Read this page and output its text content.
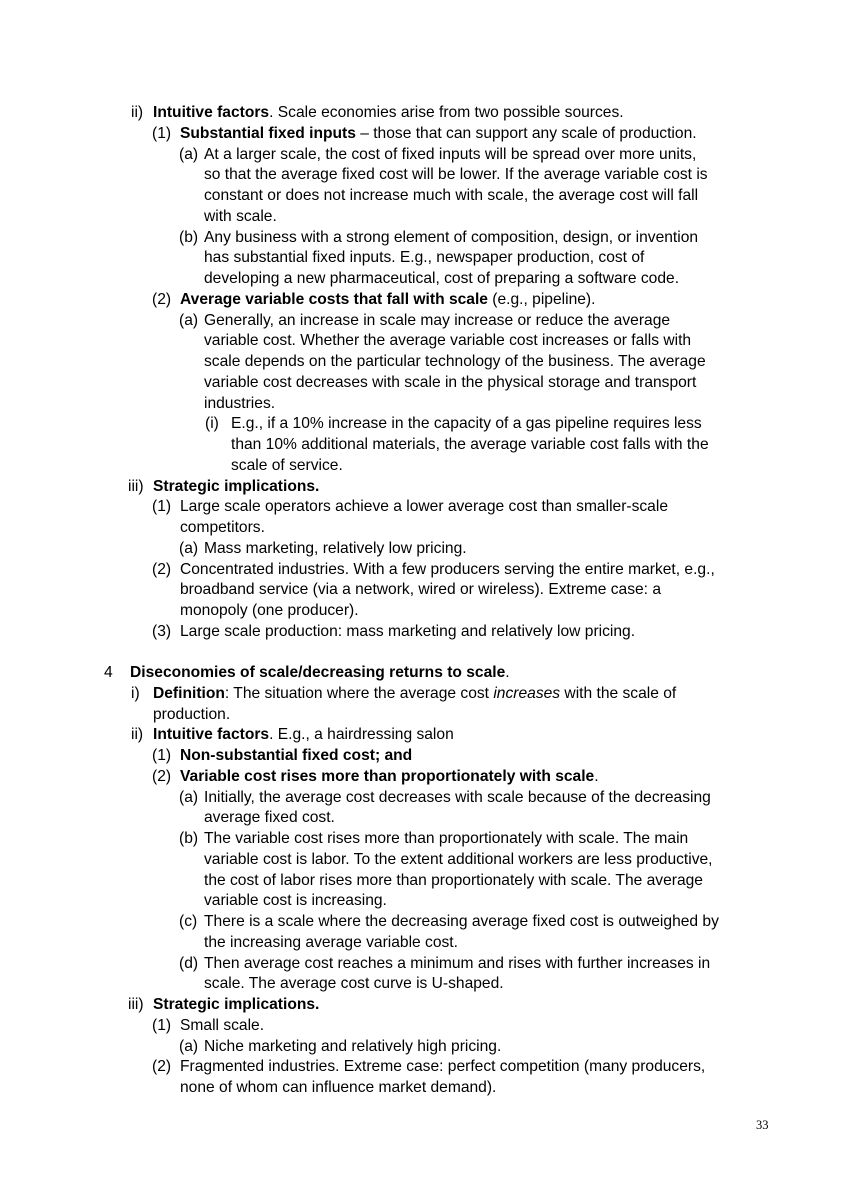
ii) Intuitive factors. Scale economies arise from two possible sources.
(1) Substantial fixed inputs – those that can support any scale of production.
(a) At a larger scale, the cost of fixed inputs will be spread over more units,
so that the average fixed cost will be lower. If the average variable cost is
constant or does not increase much with scale, the average cost will fall
with scale.
(b) Any business with a strong element of composition, design, or invention
has substantial fixed inputs. E.g., newspaper production, cost of
developing a new pharmaceutical, cost of preparing a software code.
(2) Average variable costs that fall with scale (e.g., pipeline).
(a) Generally, an increase in scale may increase or reduce the average
variable cost. Whether the average variable cost increases or falls with
scale depends on the particular technology of the business. The average
variable cost decreases with scale in the physical storage and transport
industries.
(i) E.g., if a 10% increase in the capacity of a gas pipeline requires less
than 10% additional materials, the average variable cost falls with the
scale of service.
iii) Strategic implications.
(1) Large scale operators achieve a lower average cost than smaller-scale
competitors.
(a) Mass marketing, relatively low pricing.
(2) Concentrated industries. With a few producers serving the entire market, e.g.,
broadband service (via a network, wired or wireless). Extreme case: a
monopoly (one producer).
(3) Large scale production: mass marketing and relatively low pricing.
4 Diseconomies of scale/decreasing returns to scale.
i) Definition: The situation where the average cost increases with the scale of
production.
ii) Intuitive factors. E.g., a hairdressing salon
(1) Non-substantial fixed cost; and
(2) Variable cost rises more than proportionately with scale.
(a) Initially, the average cost decreases with scale because of the decreasing
average fixed cost.
(b) The variable cost rises more than proportionately with scale. The main
variable cost is labor. To the extent additional workers are less productive,
the cost of labor rises more than proportionately with scale. The average
variable cost is increasing.
(c) There is a scale where the decreasing average fixed cost is outweighed by
the increasing average variable cost.
(d) Then average cost reaches a minimum and rises with further increases in
scale. The average cost curve is U-shaped.
iii) Strategic implications.
(1) Small scale.
(a) Niche marketing and relatively high pricing.
(2) Fragmented industries. Extreme case: perfect competition (many producers,
none of whom can influence market demand).
33
